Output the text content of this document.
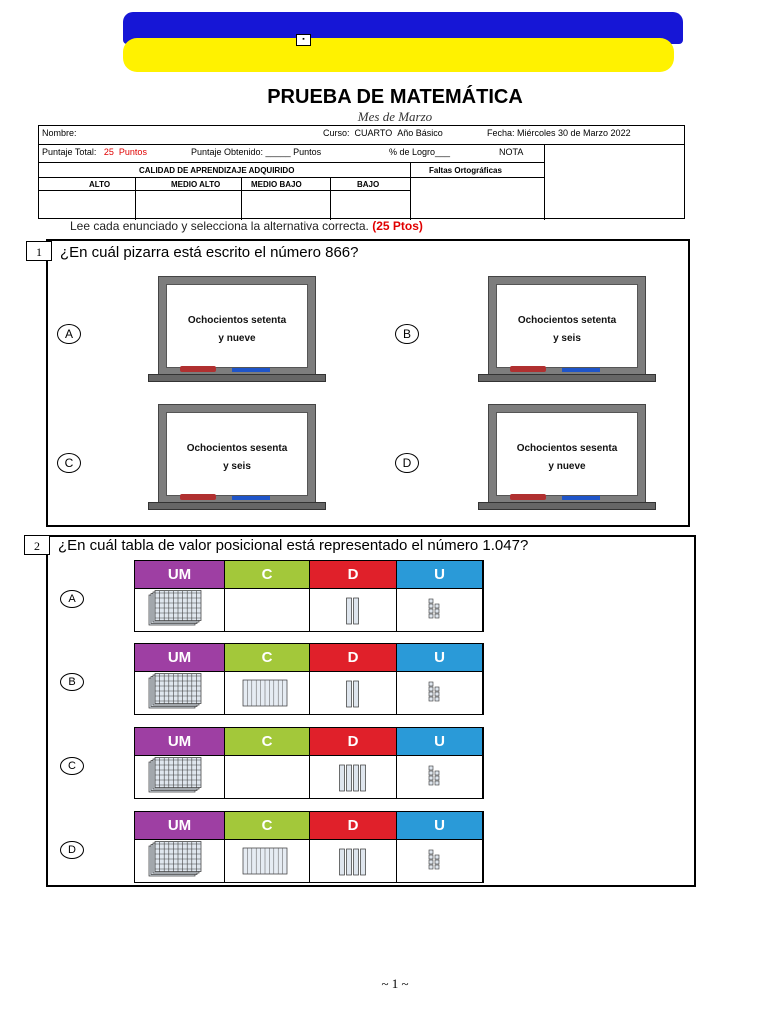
▪
PRUEBA DE MATEMÁTICA
Mes de Marzo
Nombre:	Curso: CUARTO Año Básico	Fecha: Miércoles 30 de Marzo 2022
Puntaje Total: 25 Puntos	Puntaje Obtenido: _____ Puntos	% de Logro___	NOTA
CALIDAD DE APRENDIZAJE ADQUIRIDO	Faltas Ortográficas
ALTO	MEDIO ALTO	MEDIO BAJO	BAJO
Lee cada enunciado y selecciona la alternativa correcta. (25 Ptos)
1	¿En cuál pizarra está escrito el número 866?
A
Ochocientos setenta
y nueve	B
Ochocientos setenta
y seis
C
Ochocientos sesenta
y seis	D
Ochocientos sesenta
y nueve
2	¿En cuál tabla de valor posicional está representado el número 1.047?
A
UM	C	D	U
B
UM	C	D	U
C
UM	C	D	U
D
UM	C	D	U
~ 1 ~
